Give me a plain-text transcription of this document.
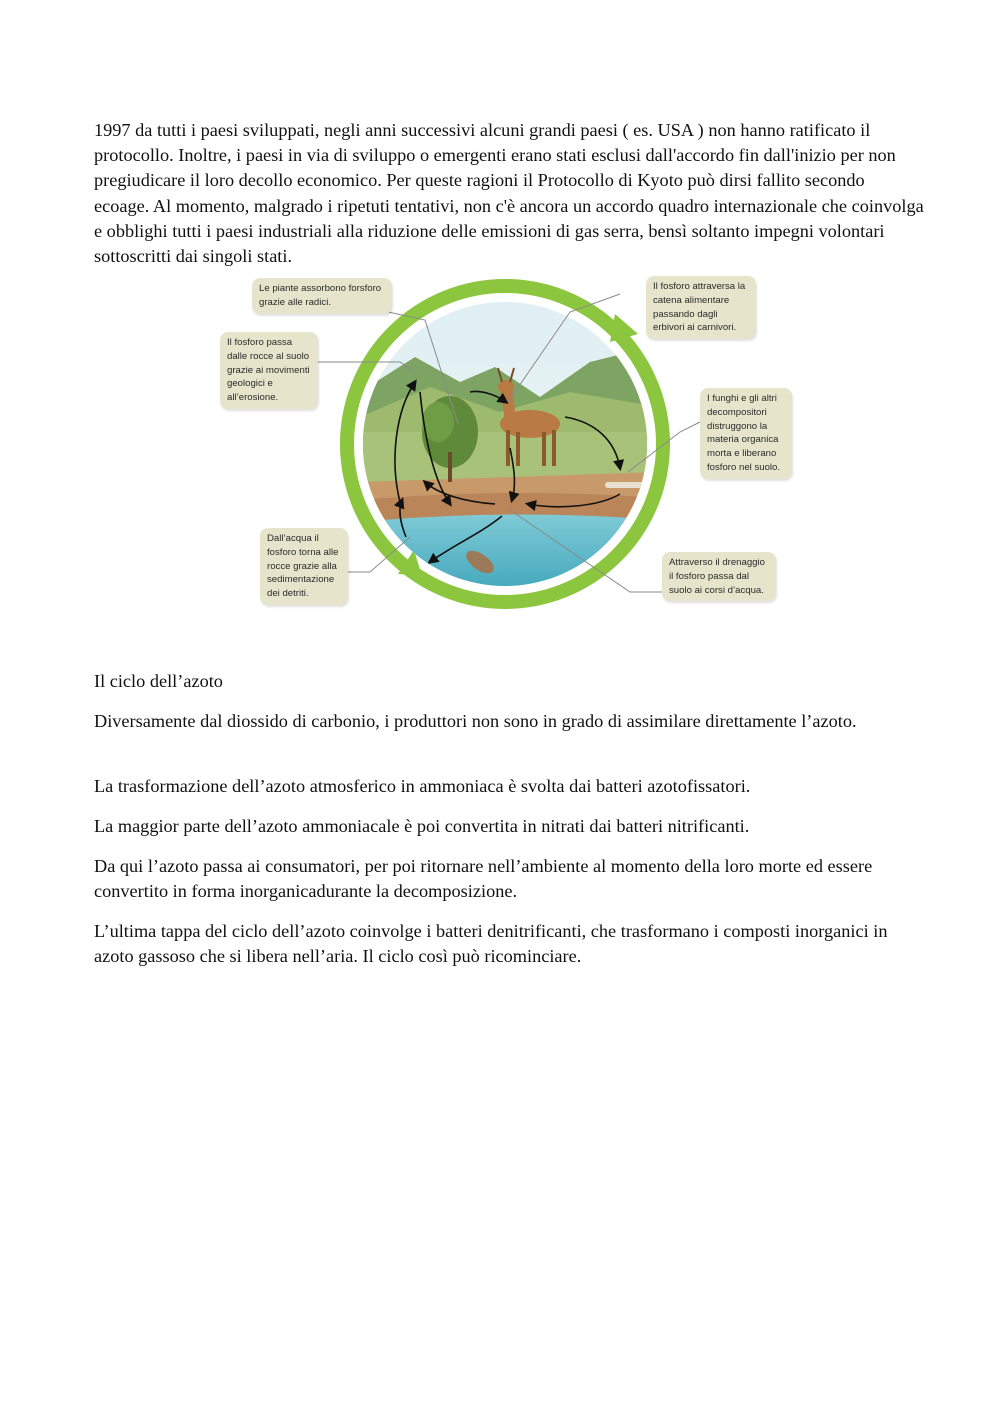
1997 da tutti i paesi sviluppati, negli anni successivi alcuni grandi paesi ( es. USA ) non hanno ratificato il protocollo. Inoltre, i paesi in via di sviluppo o emergenti erano stati esclusi dall'accordo fin dall'inizio per non pregiudicare il loro decollo economico. Per queste ragioni il Protocollo di Kyoto può dirsi fallito secondo ecoage. Al momento, malgrado i ripetuti tentativi, non c'è ancora un accordo quadro internazionale che coinvolga e obblighi tutti i paesi industriali alla riduzione delle emissioni di gas serra, bensì soltanto impegni volontari sottoscritti dai singoli stati.

Le piante assorbono forsforo grazie alle radici.
Il fosforo attraversa la catena alimentare passando dagli erbivori ai carnivori.
Il fosforo passa dalle rocce al suolo grazie ai movimenti geologici e all’erosione.	I funghi e gli altri decompositori distruggono la materia organica morta e liberano fosforo nel suolo.
Dall’acqua il fosforo torna alle rocce grazie alla sedimentazione dei detriti.
Attraverso il drenaggio il fosforo passa dal suolo ai corsi d’acqua.

Il ciclo dell’azoto

Diversamente dal diossido di carbonio, i produttori non sono in grado di assimilare direttamente l’azoto.

La trasformazione dell’azoto atmosferico in ammoniaca è svolta dai batteri azotofissatori.

La maggior parte dell’azoto ammoniacale è poi convertita in nitrati dai batteri nitrificanti.

Da qui l’azoto passa ai consumatori, per poi ritornare nell’ambiente al momento della loro morte ed essere convertito in forma inorganicadurante la decomposizione.

L’ultima tappa del ciclo dell’azoto coinvolge i batteri denitrificanti, che trasformano i composti inorganici in azoto gassoso che si libera nell’aria. Il ciclo così può ricominciare.
